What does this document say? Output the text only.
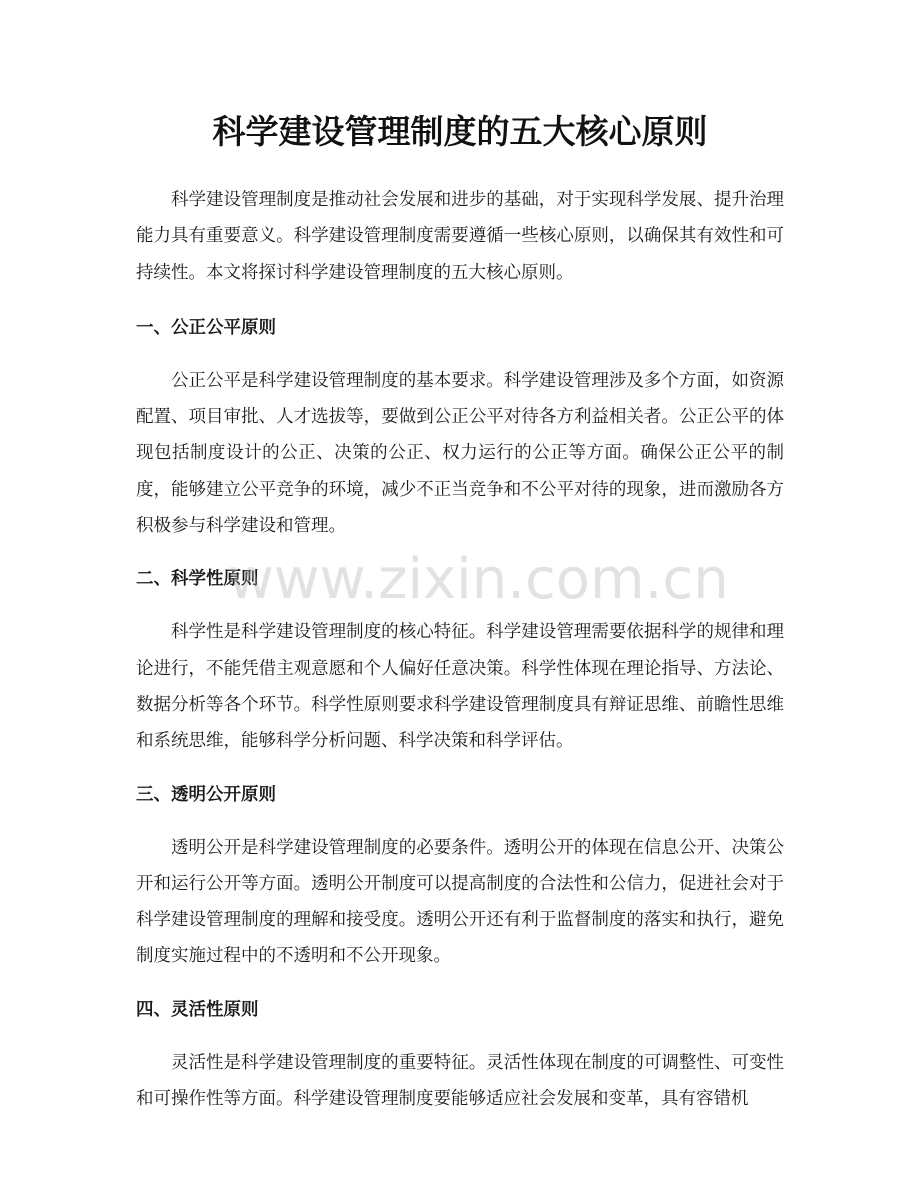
科学建设管理制度的五大核心原则

科学建设管理制度是推动社会发展和进步的基础，对于实现科学发展、提升治理能力具有重要意义。科学建设管理制度需要遵循一些核心原则，以确保其有效性和可持续性。本文将探讨科学建设管理制度的五大核心原则。

一、公正公平原则

公正公平是科学建设管理制度的基本要求。科学建设管理涉及多个方面，如资源配置、项目审批、人才选拔等，要做到公正公平对待各方利益相关者。公正公平的体现包括制度设计的公正、决策的公正、权力运行的公正等方面。确保公正公平的制度，能够建立公平竞争的环境，减少不正当竞争和不公平对待的现象，进而激励各方积极参与科学建设和管理。

二、科学性原则

科学性是科学建设管理制度的核心特征。科学建设管理需要依据科学的规律和理论进行，不能凭借主观意愿和个人偏好任意决策。科学性体现在理论指导、方法论、数据分析等各个环节。科学性原则要求科学建设管理制度具有辩证思维、前瞻性思维和系统思维，能够科学分析问题、科学决策和科学评估。

三、透明公开原则

透明公开是科学建设管理制度的必要条件。透明公开的体现在信息公开、决策公开和运行公开等方面。透明公开制度可以提高制度的合法性和公信力，促进社会对于科学建设管理制度的理解和接受度。透明公开还有利于监督制度的落实和执行，避免制度实施过程中的不透明和不公开现象。

四、灵活性原则

灵活性是科学建设管理制度的重要特征。灵活性体现在制度的可调整性、可变性和可操作性等方面。科学建设管理制度要能够适应社会发展和变革，具有容错机

www.zixin.com.cn
